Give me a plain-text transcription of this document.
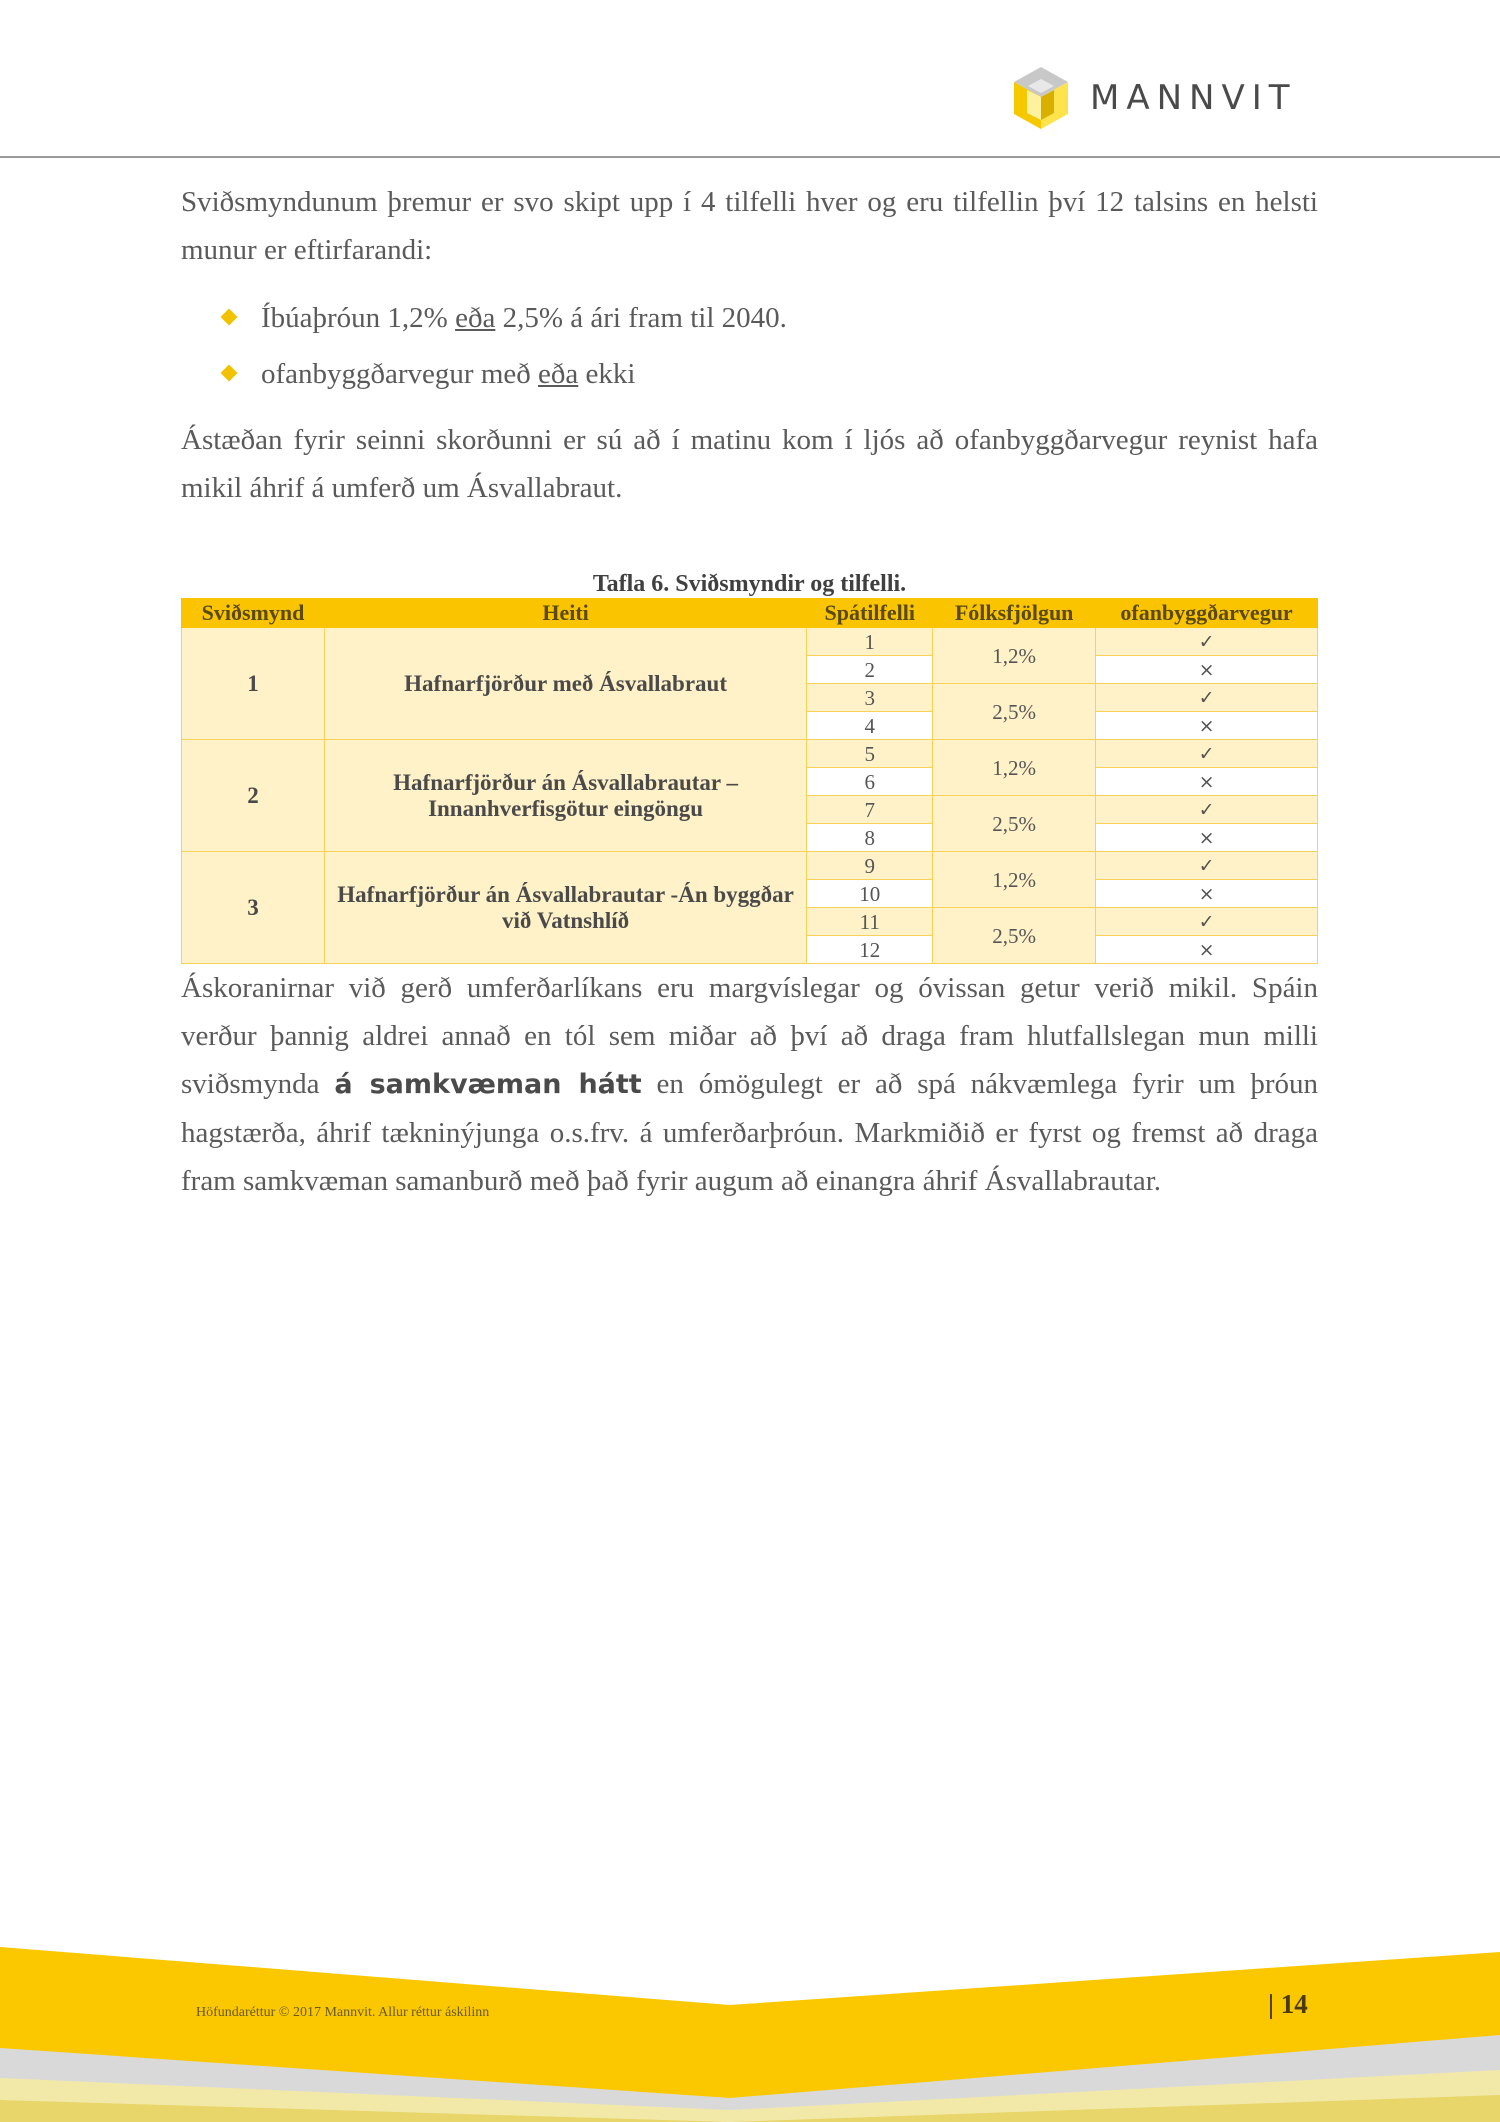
MANNVIT

Sviðsmyndunum þremur er svo skipt upp í 4 tilfelli hver og eru tilfellin því 12 talsins en helsti munur er eftirfarandi:

Íbúaþróun 1,2% eða 2,5% á ári fram til 2040.
ofanbyggðarvegur með eða ekki

Ástæðan fyrir seinni skorðunni er sú að í matinu kom í ljós að ofanbyggðarvegur reynist hafa mikil áhrif á umferð um Ásvallabraut.

Tafla 6. Sviðsmyndir og tilfelli.
Sviðsmynd	Heiti	Spátilfelli	Fólksfjölgun	ofanbyggðarvegur
1	Hafnarfjörður með Ásvallabraut	1	1,2%	✓
		2		×
		3	2,5%	✓
		4		×
2	Hafnarfjörður án Ásvallabrautar – Innanhverfisgötur eingöngu	5	1,2%	✓
		6		×
		7	2,5%	✓
		8		×
3	Hafnarfjörður án Ásvallabrautar -Án byggðar við Vatnshlíð	9	1,2%	✓
		10		×
		11	2,5%	✓
		12		×

Áskoranirnar við gerð umferðarlíkans eru margvíslegar og óvissan getur verið mikil. Spáin verður þannig aldrei annað en tól sem miðar að því að draga fram hlutfallslegan mun milli sviðsmynda á samkvæman hátt en ómögulegt er að spá nákvæmlega fyrir um þróun hagstærða, áhrif tækninýjunga o.s.frv. á umferðarþróun. Markmiðið er fyrst og fremst að draga fram samkvæman samanburð með það fyrir augum að einangra áhrif Ásvallabrautar.

Höfundaréttur © 2017 Mannvit. Allur réttur áskilinn	| 14
